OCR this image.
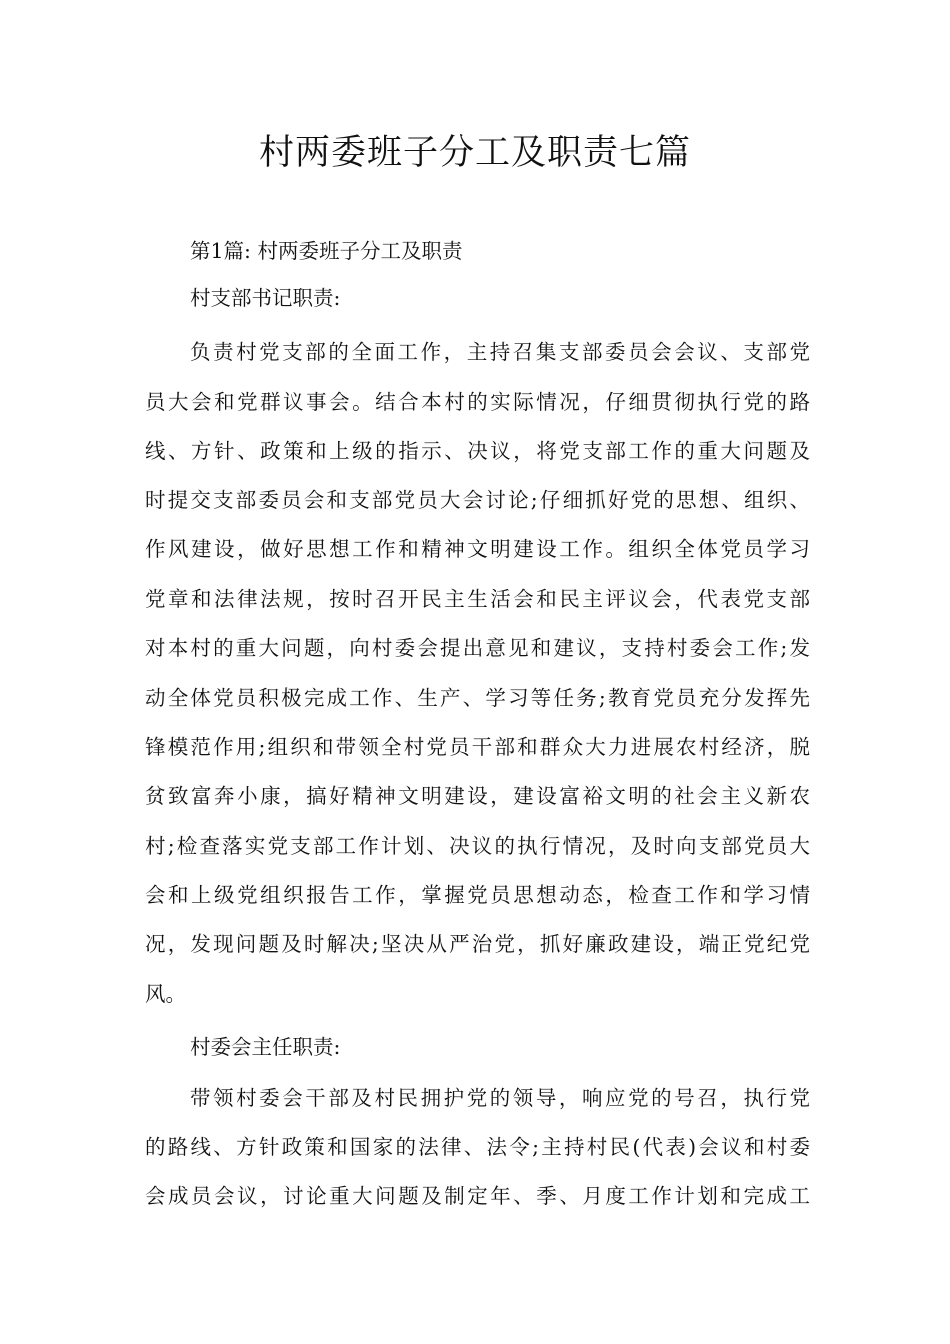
村两委班子分工及职责七篇
第1篇: 村两委班子分工及职责
村支部书记职责:
负责村党支部的全面工作，主持召集支部委员会会议、支部党
员大会和党群议事会。结合本村的实际情况，仔细贯彻执行党的路
线、方针、政策和上级的指示、决议，将党支部工作的重大问题及
时提交支部委员会和支部党员大会讨论;仔细抓好党的思想、组织、
作风建设，做好思想工作和精神文明建设工作。组织全体党员学习
党章和法律法规，按时召开民主生活会和民主评议会，代表党支部
对本村的重大问题，向村委会提出意见和建议，支持村委会工作;发
动全体党员积极完成工作、生产、学习等任务;教育党员充分发挥先
锋模范作用;组织和带领全村党员干部和群众大力进展农村经济，脱
贫致富奔小康，搞好精神文明建设，建设富裕文明的社会主义新农
村;检查落实党支部工作计划、决议的执行情况，及时向支部党员大
会和上级党组织报告工作，掌握党员思想动态，检查工作和学习情
况，发现问题及时解决;坚决从严治党，抓好廉政建设，端正党纪党
风。
村委会主任职责:
带领村委会干部及村民拥护党的领导，响应党的号召，执行党
的路线、方针政策和国家的法律、法令;主持村民(代表)会议和村委
会成员会议，讨论重大问题及制定年、季、月度工作计划和完成工
